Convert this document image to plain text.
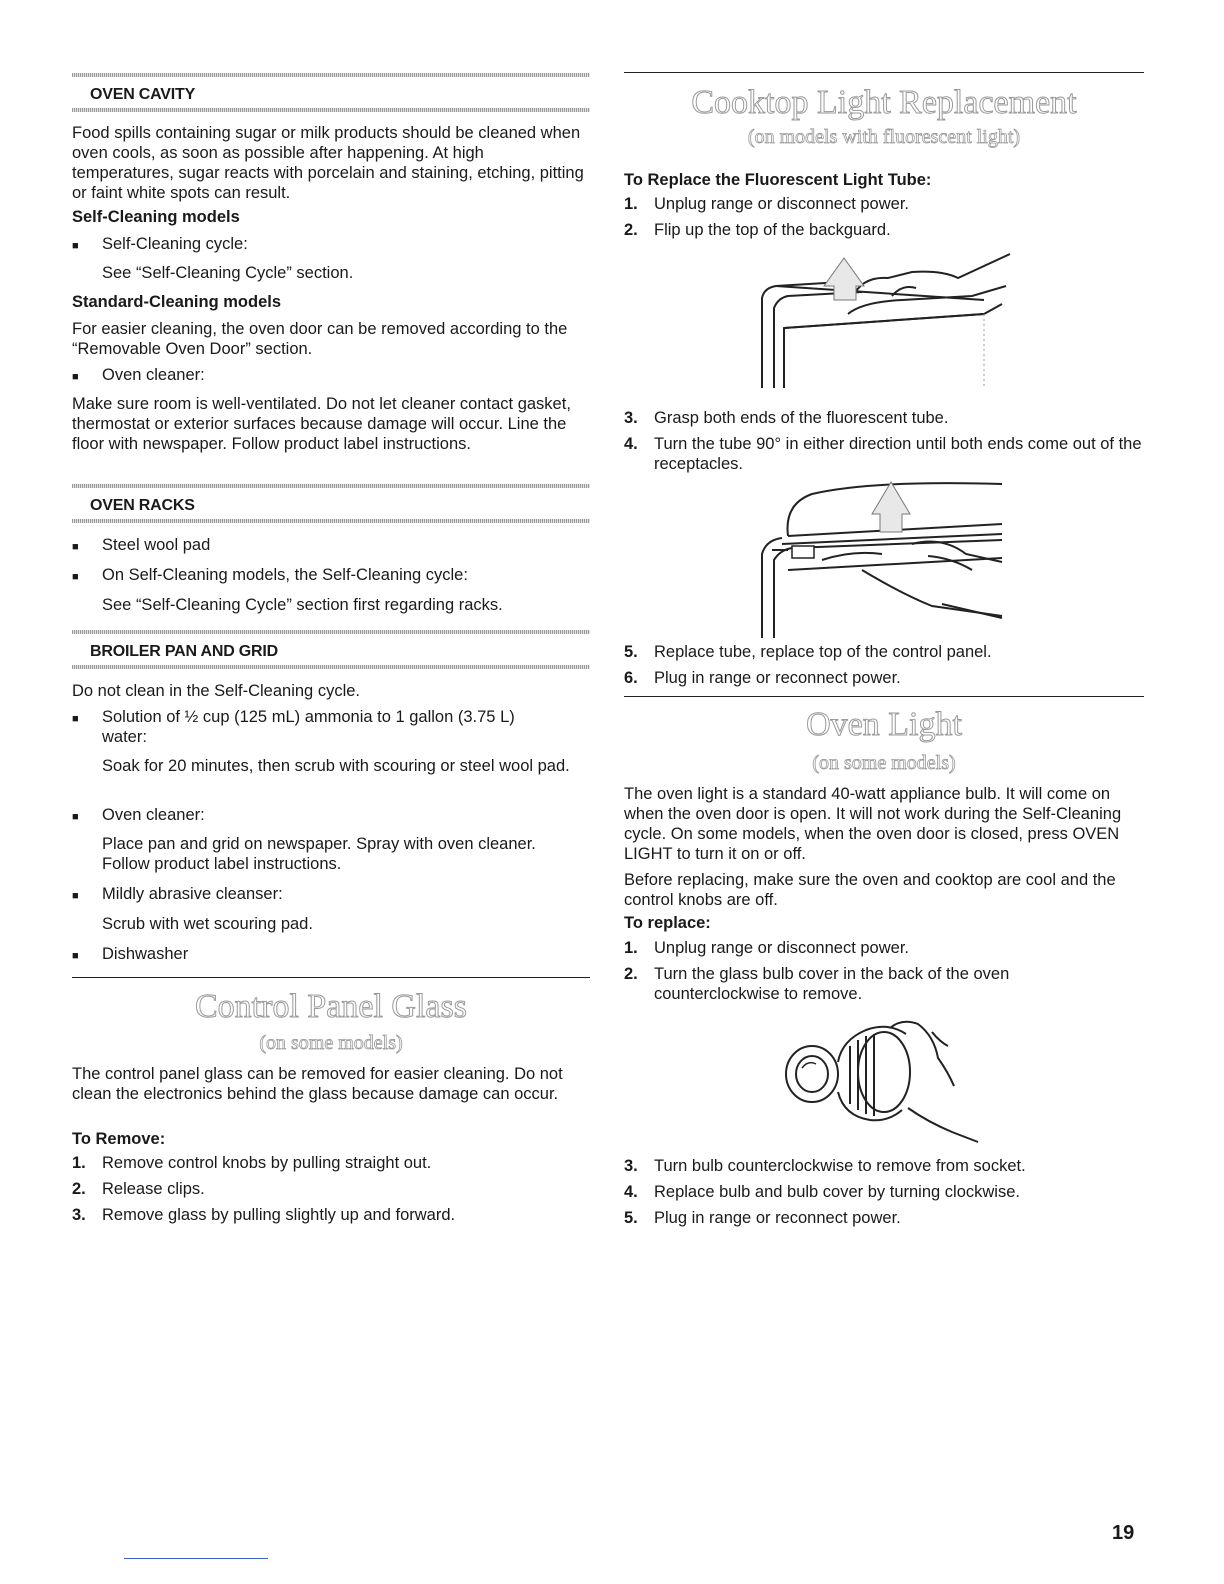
OVEN CAVITY

Food spills containing sugar or milk products should be cleaned when oven cools, as soon as possible after happening. At high temperatures, sugar reacts with porcelain and staining, etching, pitting or faint white spots can result.

Self-Cleaning models

■ Self-Cleaning cycle:

See “Self-Cleaning Cycle” section.

Standard-Cleaning models

For easier cleaning, the oven door can be removed according to the “Removable Oven Door” section.

■ Oven cleaner:

Make sure room is well-ventilated. Do not let cleaner contact gasket, thermostat or exterior surfaces because damage will occur. Line the floor with newspaper. Follow product label instructions.

OVEN RACKS
■ Steel wool pad
■ On Self-Cleaning models, the Self-Cleaning cycle:

See “Self-Cleaning Cycle” section first regarding racks.

BROILER PAN AND GRID

Do not clean in the Self-Cleaning cycle.

■ Solution of ½ cup (125 mL) ammonia to 1 gallon (3.75 L) water:

Soak for 20 minutes, then scrub with scouring or steel wool pad.

■ Oven cleaner:

Place pan and grid on newspaper. Spray with oven cleaner. Follow product label instructions.

■ Mildly abrasive cleanser:

Scrub with wet scouring pad.

■ Dishwasher
Control Panel Glass
(on some models)

The control panel glass can be removed for easier cleaning. Do not clean the electronics behind the glass because damage can occur.

To Remove:

1. Remove control knobs by pulling straight out.
2. Release clips.
3. Remove glass by pulling slightly up and forward.
Cooktop Light Replacement
(on models with fluorescent light)

To Replace the Fluorescent Light Tube:

1. Unplug range or disconnect power.
2. Flip up the top of the backguard.
3. Grasp both ends of the fluorescent tube.
4. Turn the tube 90° in either direction until both ends come out of the receptacles.
5. Replace tube, replace top of the control panel.
6. Plug in range or reconnect power.
Oven Light
(on some models)

The oven light is a standard 40-watt appliance bulb. It will come on when the oven door is open. It will not work during the Self-Cleaning cycle. On some models, when the oven door is closed, press OVEN LIGHT to turn it on or off.

Before replacing, make sure the oven and cooktop are cool and the control knobs are off.

To replace:

1. Unplug range or disconnect power.
2. Turn the glass bulb cover in the back of the oven counterclockwise to remove.
3. Turn bulb counterclockwise to remove from socket.
4. Replace bulb and bulb cover by turning clockwise.
5. Plug in range or reconnect power.
19
